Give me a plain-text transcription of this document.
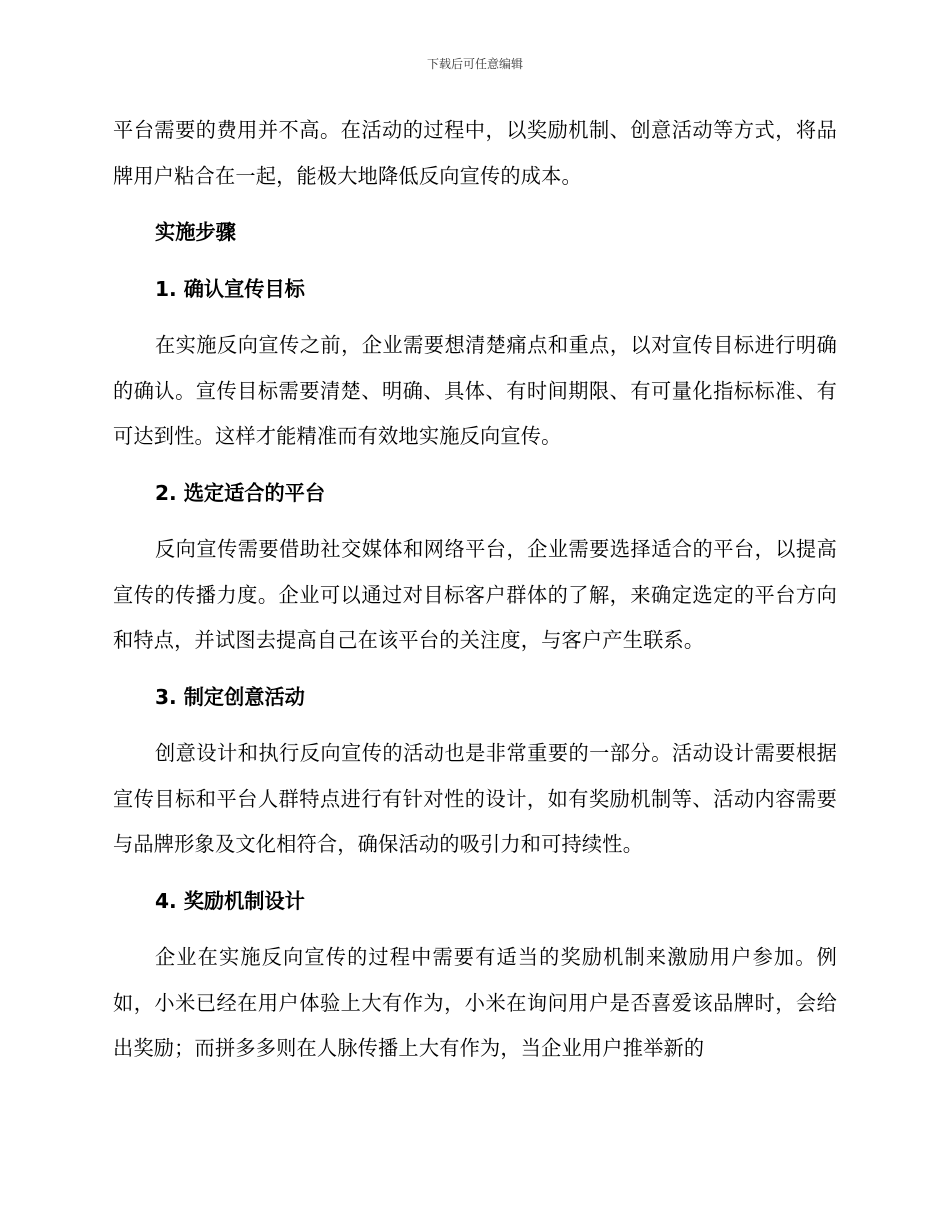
下载后可任意编辑

平台需要的费用并不高。在活动的过程中，以奖励机制、创意活动等方式，将品牌用户粘合在一起，能极大地降低反向宣传的成本。

实施步骤
1. 确认宣传目标

在实施反向宣传之前，企业需要想清楚痛点和重点，以对宣传目标进行明确的确认。宣传目标需要清楚、明确、具体、有时间期限、有可量化指标标准、有可达到性。这样才能精准而有效地实施反向宣传。

2. 选定适合的平台

反向宣传需要借助社交媒体和网络平台，企业需要选择适合的平台，以提高宣传的传播力度。企业可以通过对目标客户群体的了解，来确定选定的平台方向和特点，并试图去提高自己在该平台的关注度，与客户产生联系。

3. 制定创意活动

创意设计和执行反向宣传的活动也是非常重要的一部分。活动设计需要根据宣传目标和平台人群特点进行有针对性的设计，如有奖励机制等、活动内容需要与品牌形象及文化相符合，确保活动的吸引力和可持续性。

4. 奖励机制设计

企业在实施反向宣传的过程中需要有适当的奖励机制来激励用户参加。例如，小米已经在用户体验上大有作为，小米在询问用户是否喜爱该品牌时，会给出奖励；而拼多多则在人脉传播上大有作为，当企业用户推举新的
